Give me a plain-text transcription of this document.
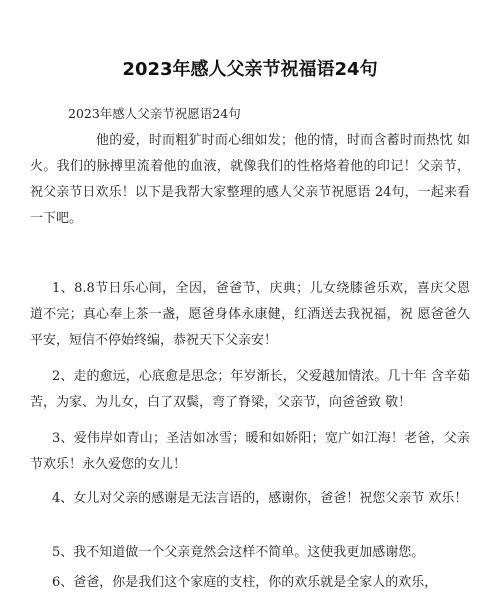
2023年感人父亲节祝福语24句
2023年感人父亲节祝愿语24句

他的爱，时而粗犷时而心细如发；他的情，时而含蓄时而热忱 如火。我们的脉搏里流着他的血液，就像我们的性格烙着他的印记！父亲节，祝父亲节日欢乐！以下是我帮大家整理的感人父亲节祝愿语 24句，一起来看一下吧。

1、8.8节日乐心间，全因，爸爸节，庆典；儿女绕膝爸乐欢，喜庆父恩道不完；真心奉上茶一盏，愿爸身体永康健，红酒送去我祝福，祝 愿爸爸久平安，短信不停始终编，恭祝天下父亲安！

2、走的愈远，心底愈是思念；年岁渐长，父爱越加情浓。几十年 含辛茹苦，为家、为儿女，白了双鬓，弯了脊梁，父亲节，向爸爸致 敬！

3、爱伟岸如青山；圣洁如冰雪；暖和如娇阳；宽广如江海！老爸，父亲节欢乐！永久爱您的女儿！

4、女儿对父亲的感谢是无法言语的，感谢你，爸爸！祝您父亲节 欢乐！

5、我不知道做一个父亲竟然会这样不简单。这使我更加感谢您。

6、爸爸，你是我们这个家庭的支柱，你的欢乐就是全家人的欢乐，
